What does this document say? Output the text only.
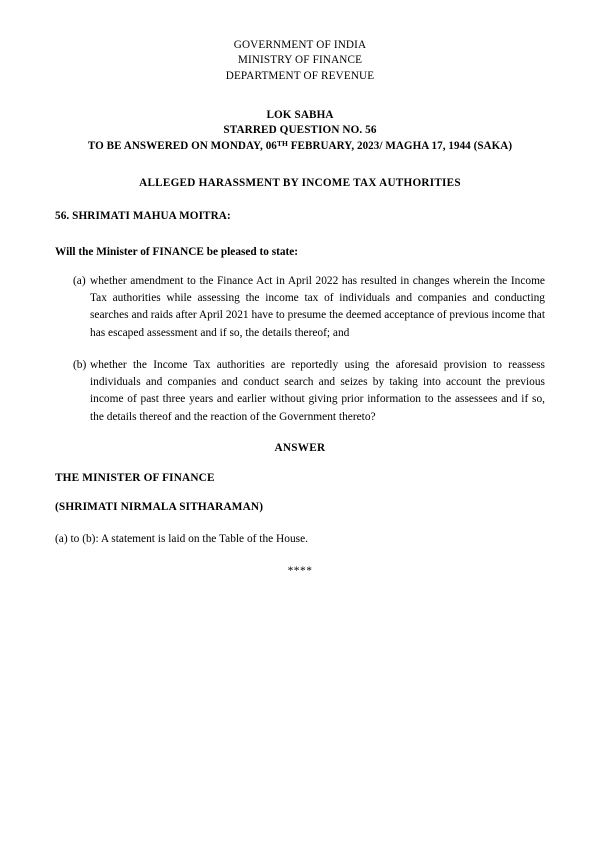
GOVERNMENT OF INDIA
MINISTRY OF FINANCE
DEPARTMENT OF REVENUE
LOK SABHA
STARRED QUESTION NO. 56
TO BE ANSWERED ON MONDAY, 06TH FEBRUARY, 2023/ MAGHA 17, 1944 (SAKA)
ALLEGED HARASSMENT BY INCOME TAX AUTHORITIES
56. SHRIMATI MAHUA MOITRA:
Will the Minister of FINANCE be pleased to state:
(a) whether amendment to the Finance Act in April 2022 has resulted in changes wherein the Income Tax authorities while assessing the income tax of individuals and companies and conducting searches and raids after April 2021 have to presume the deemed acceptance of previous income that has escaped assessment and if so, the details thereof; and
(b) whether the Income Tax authorities are reportedly using the aforesaid provision to reassess individuals and companies and conduct search and seizes by taking into account the previous income of past three years and earlier without giving prior information to the assessees and if so, the details thereof and the reaction of the Government thereto?
ANSWER
THE MINISTER OF FINANCE
(SHRIMATI NIRMALA SITHARAMAN)
(a) to (b): A statement is laid on the Table of the House.
****
